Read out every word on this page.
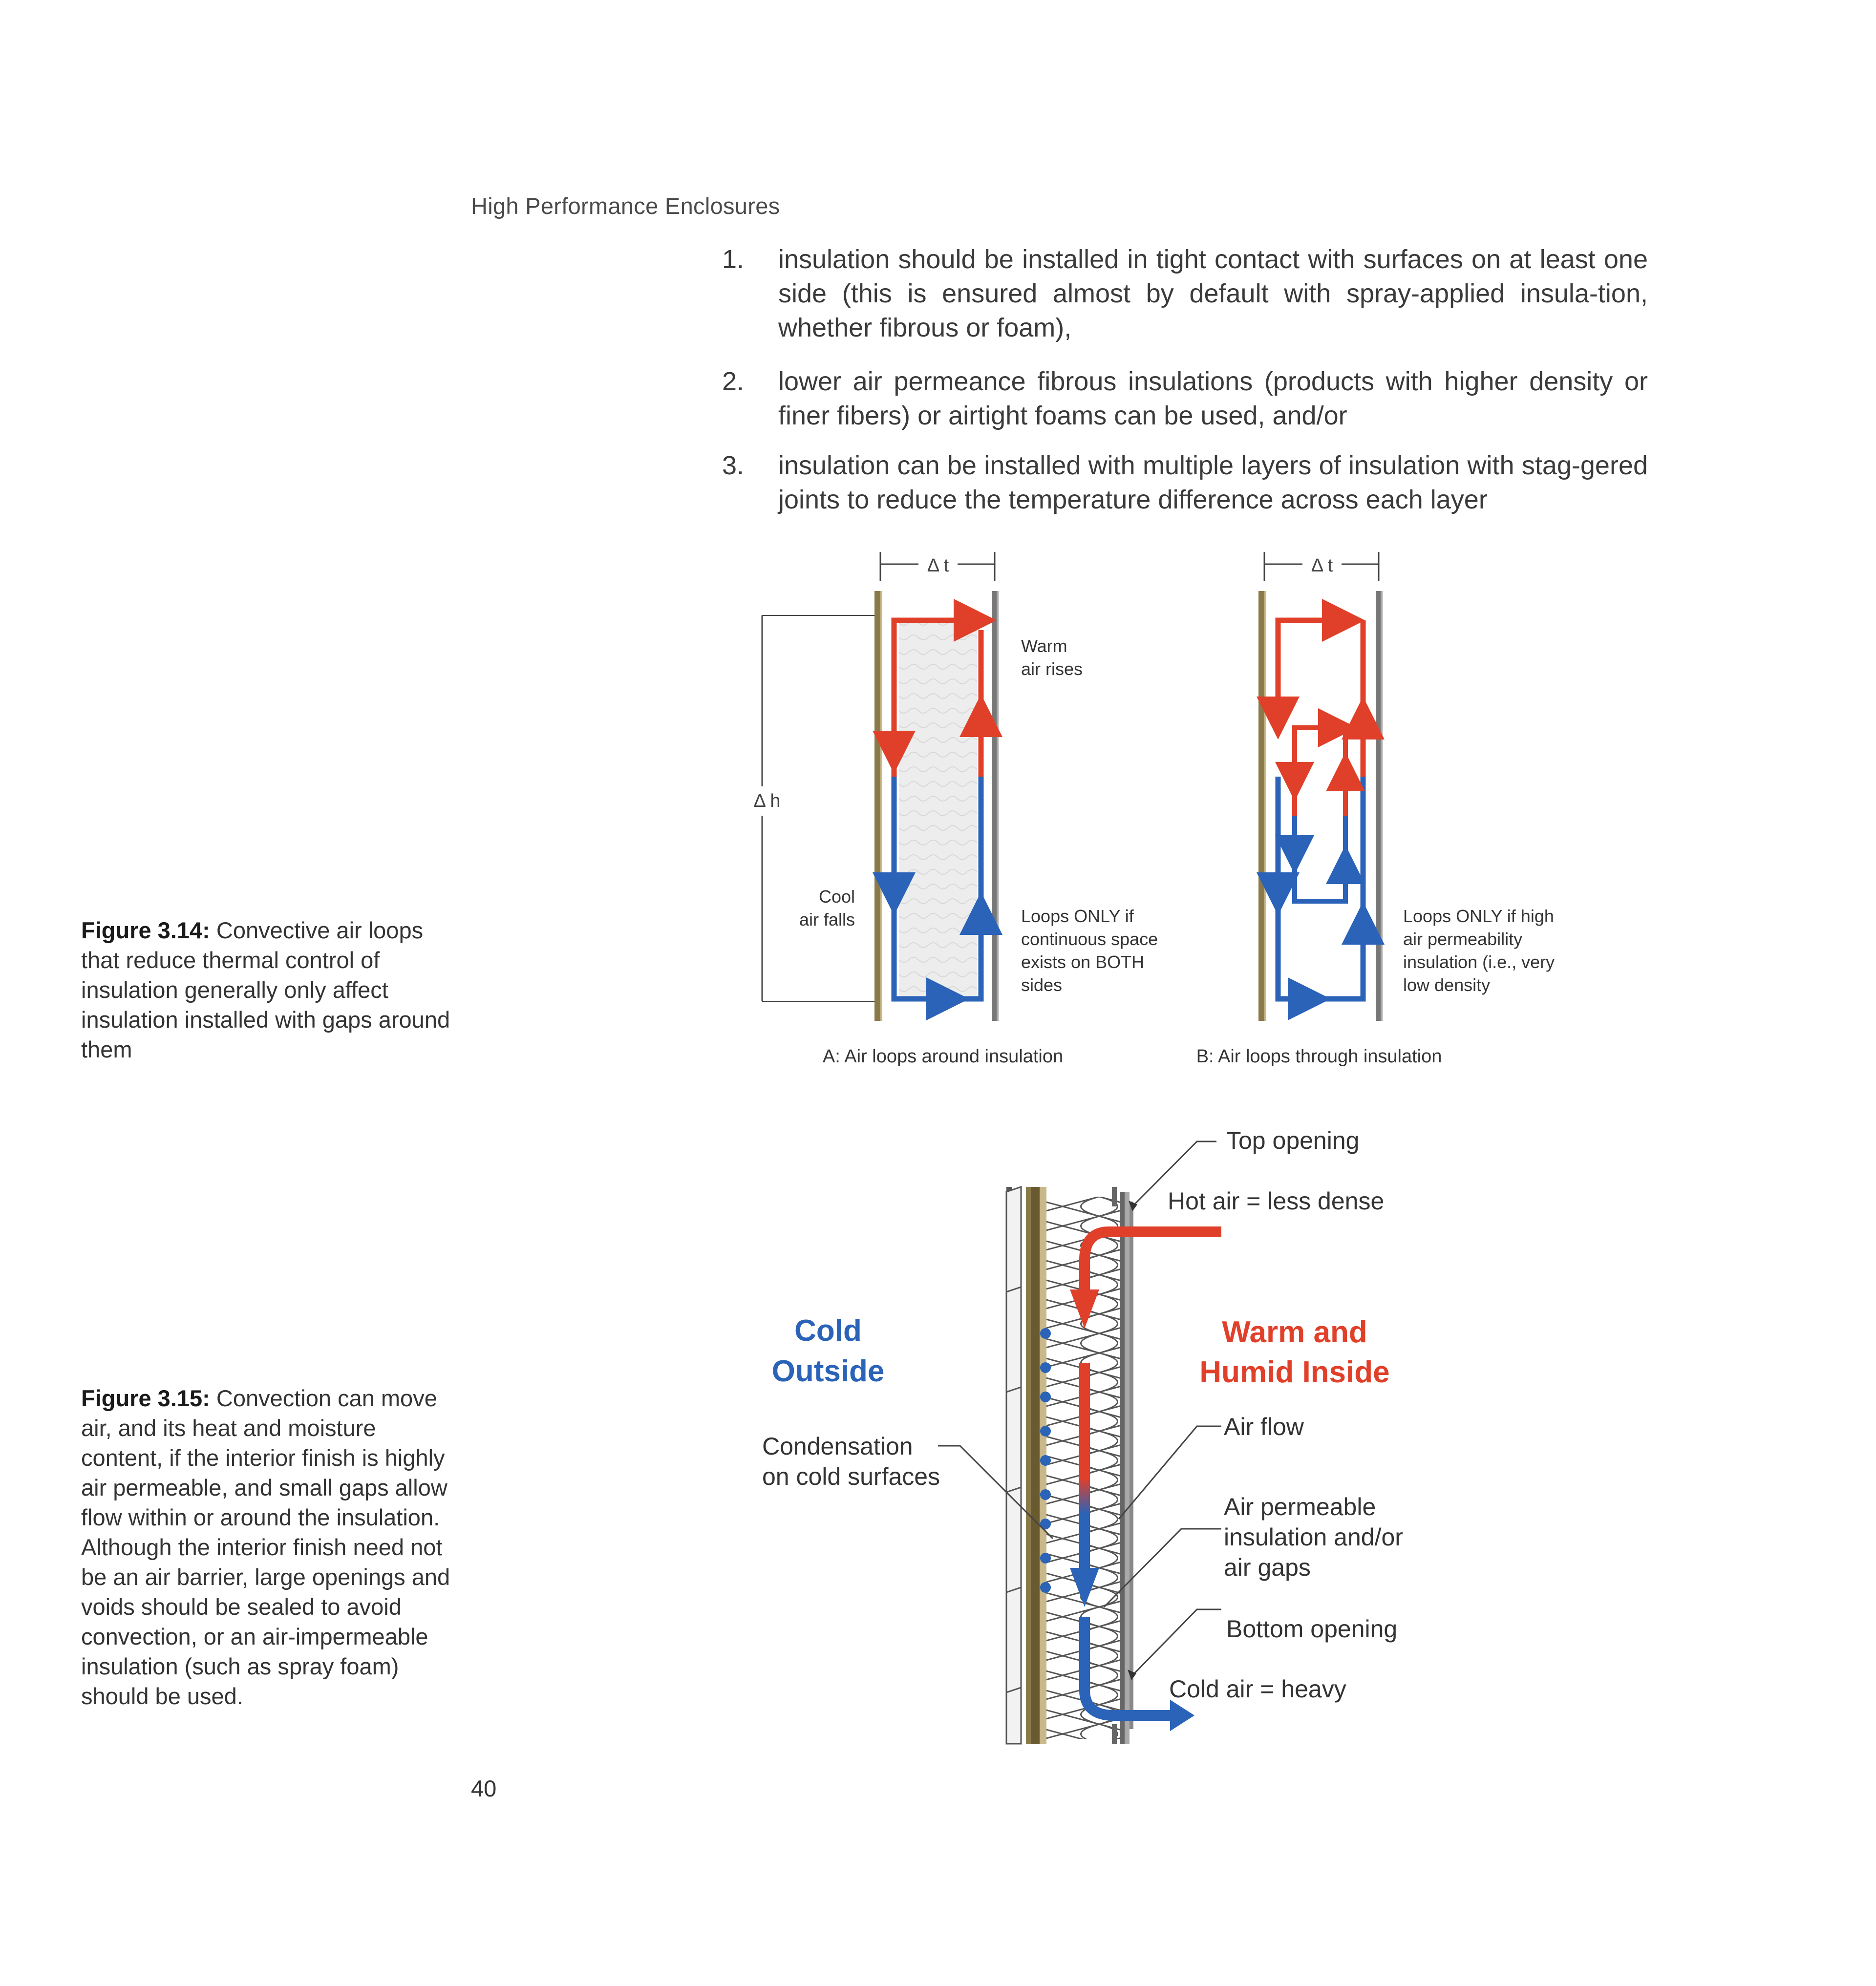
High Performance Enclosures
1. insulation should be installed in tight contact with surfaces on at least one side (this is ensured almost by default with spray-applied insula-tion, whether fibrous or foam),
2. lower air permeance fibrous insulations (products with higher density or finer fibers) or airtight foams can be used, and/or
3. insulation can be installed with multiple layers of insulation with stag-gered joints to reduce the temperature difference across each layer
Figure 3.14: Convective air loops that reduce thermal control of insulation generally only affect insulation installed with gaps around them
Δ t
Δ h
Warm
air rises
Cool
air falls	Loops ONLY if
continuous space
exists on BOTH
sides
A: Air loops around insulation
Δ t
Loops ONLY if high
air permeability
insulation (i.e., very
low density
B: Air loops through insulation
Figure 3.15: Convection can move air, and its heat and moisture content, if the interior finish is highly air permeable, and small gaps allow flow within or around the insulation. Although the interior finish need not be an air barrier, large openings and voids should be sealed to avoid convection, or an air-impermeable insulation (such as spray foam) should be used.
Top opening
Hot air = less dense
Cold
Outside
Warm and
Humid Inside
Air flow
Condensation
on cold surfaces
Air permeable
insulation and/or
air gaps
Bottom opening
Cold air = heavy
40
